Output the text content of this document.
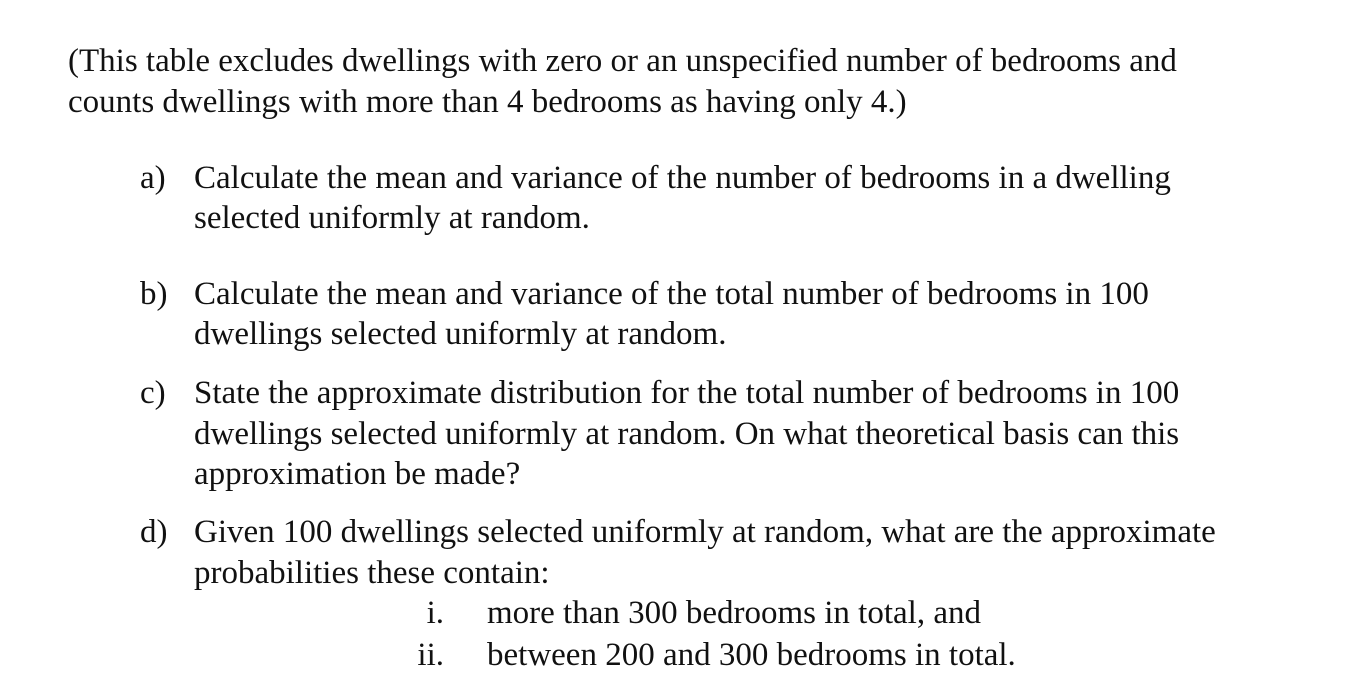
(This table excludes dwellings with zero or an unspecified number of bedrooms and
counts dwellings with more than 4 bedrooms as having only 4.)
a) Calculate the mean and variance of the number of bedrooms in a dwelling
selected uniformly at random.
b) Calculate the mean and variance of the total number of bedrooms in 100
dwellings selected uniformly at random.
c) State the approximate distribution for the total number of bedrooms in 100
dwellings selected uniformly at random. On what theoretical basis can this
approximation be made?
d) Given 100 dwellings selected uniformly at random, what are the approximate
probabilities these contain:
i. more than 300 bedrooms in total, and
ii. between 200 and 300 bedrooms in total.
